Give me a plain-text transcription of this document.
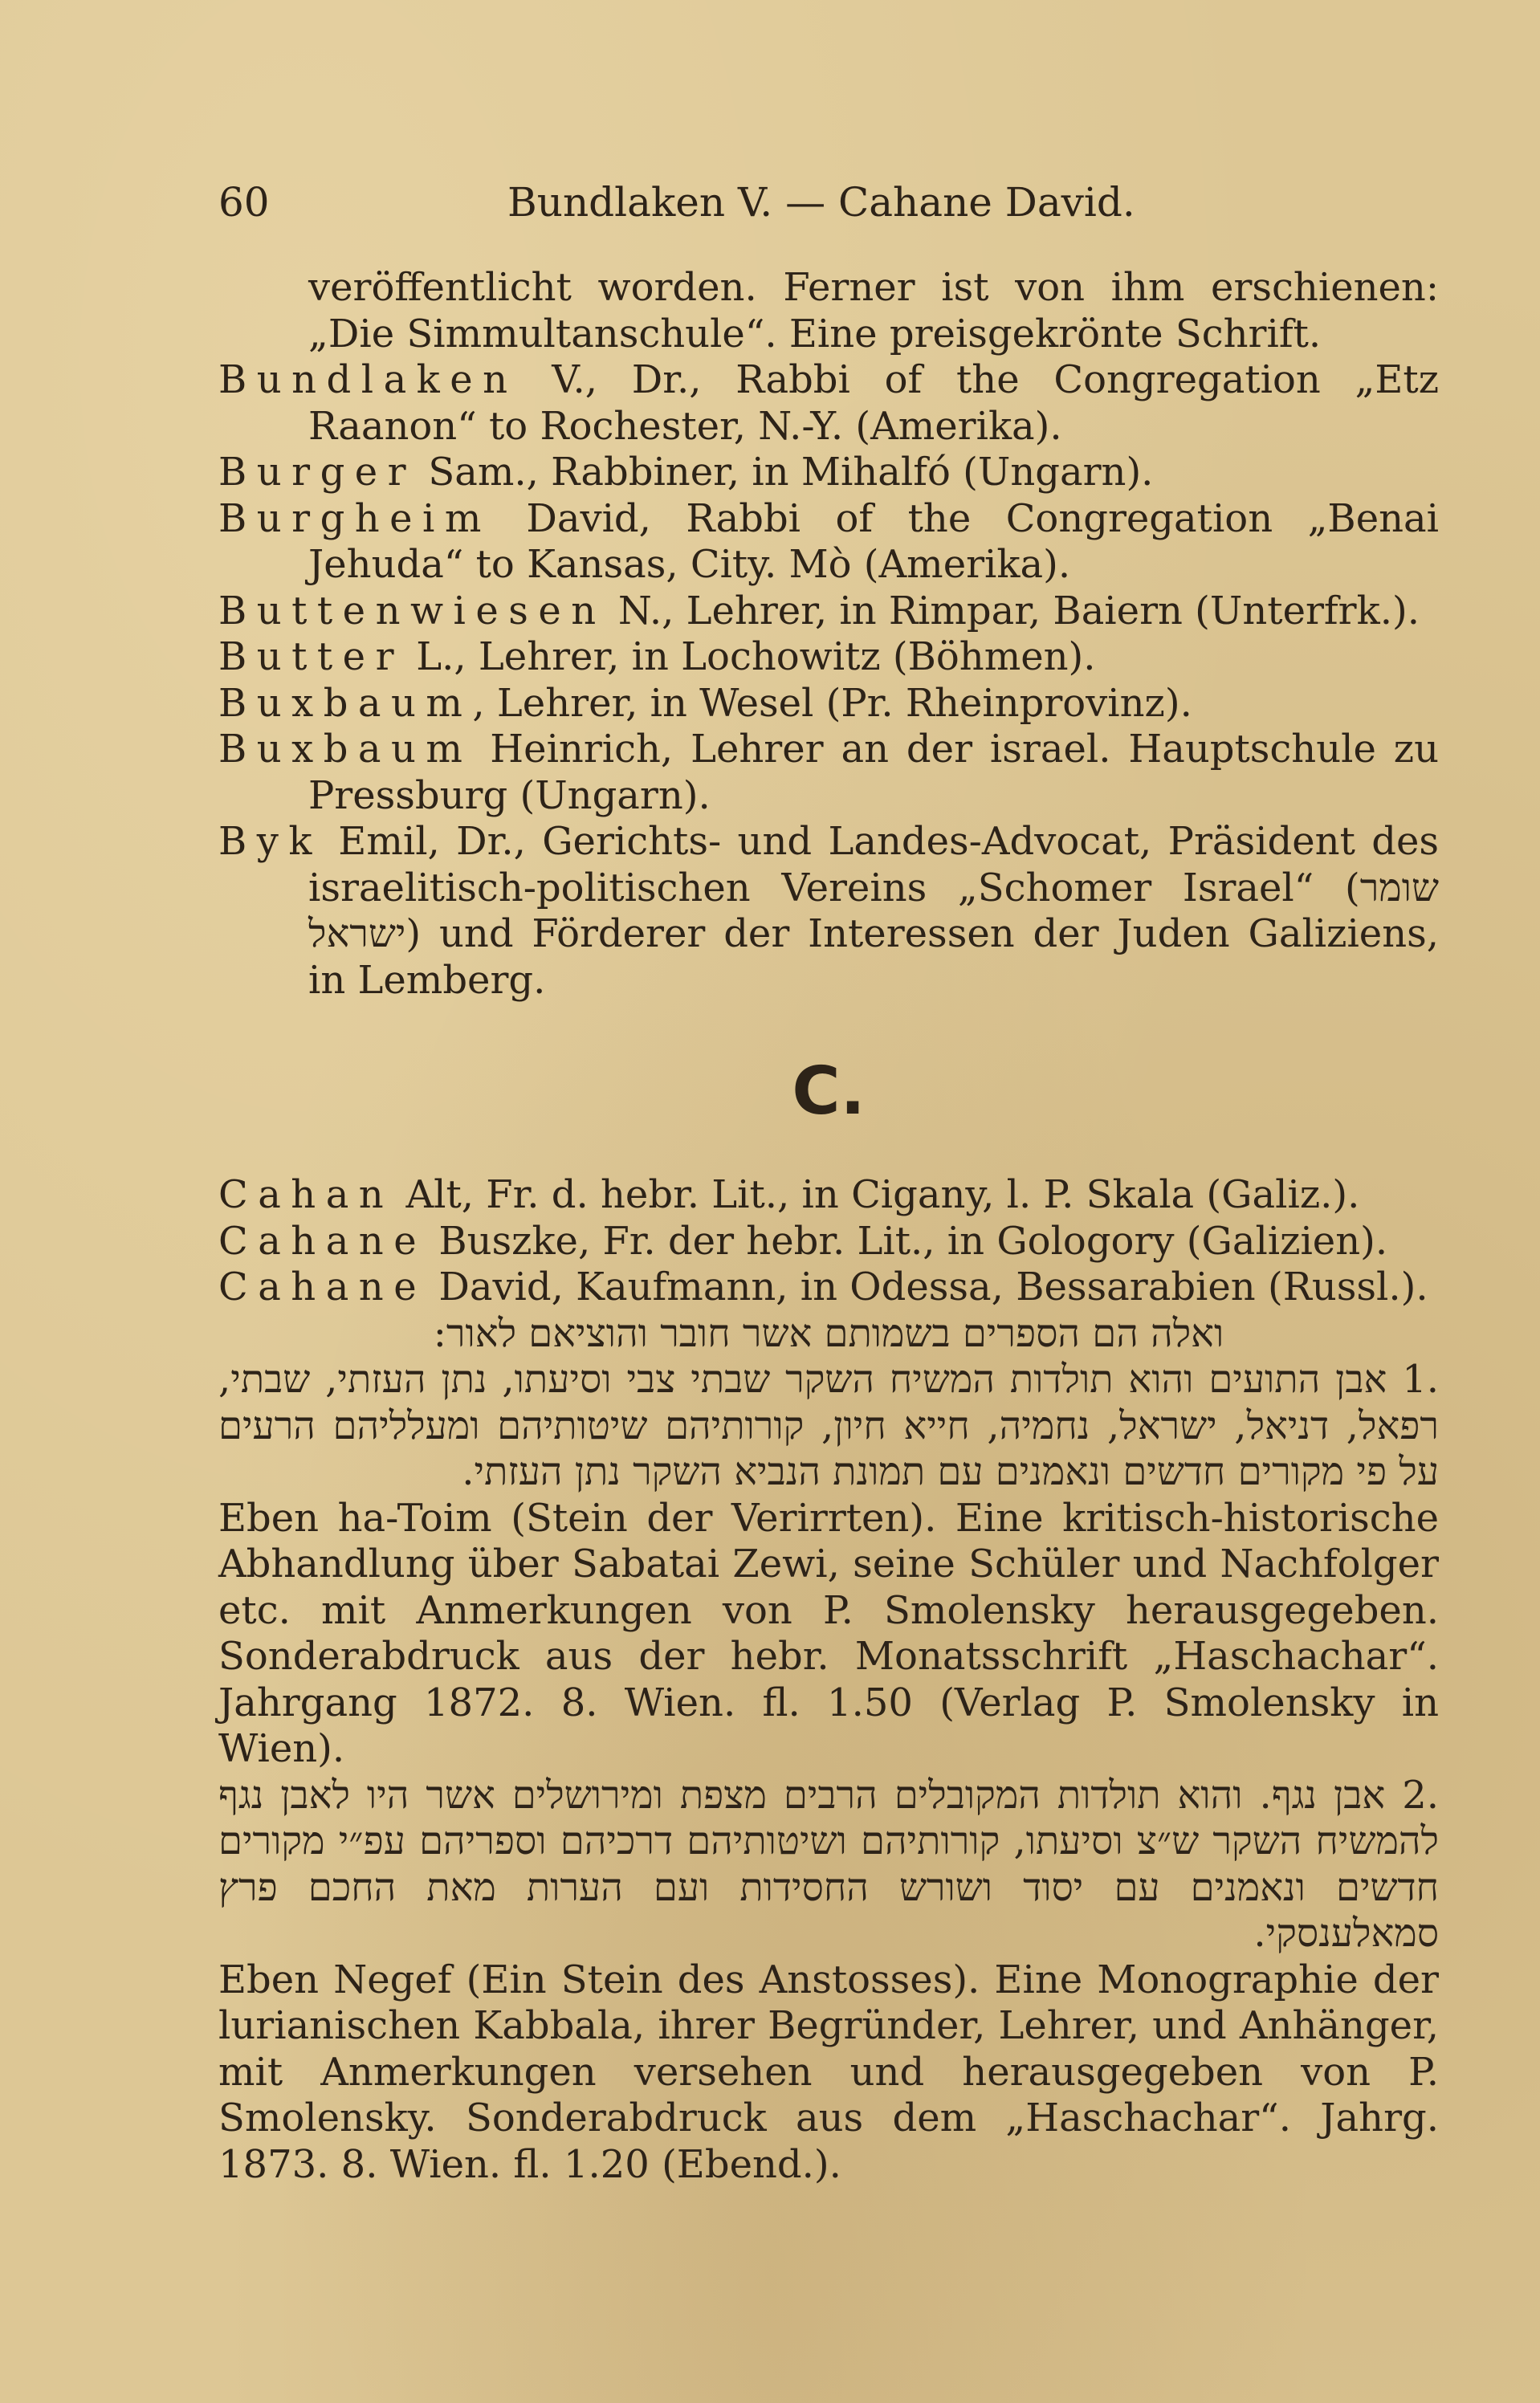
60	Bundlaken V. — Cahane David.

veröffentlicht worden. Ferner ist von ihm erschienen: „Die Simmultanschule“. Eine preisgekrönte Schrift.

Bundlaken V., Dr., Rabbi of the Congregation „Etz Raanon“ to Rochester, N.-Y. (Amerika).

Burger Sam., Rabbiner, in Mihalfó (Ungarn).

Burgheim David, Rabbi of the Congregation „Benai Jehuda“ to Kansas, City. Mò (Amerika).

Buttenwiesen N., Lehrer, in Rimpar, Baiern (Unterfrk.).

Butter L., Lehrer, in Lochowitz (Böhmen).

Buxbaum, Lehrer, in Wesel (Pr. Rheinprovinz).

Buxbaum Heinrich, Lehrer an der israel. Hauptschule zu Pressburg (Ungarn).

Byk Emil, Dr., Gerichts- und Landes-Advocat, Präsident des israelitisch-politischen Vereins „Schomer Israel“ (שומר ישראל) und Förderer der Interessen der Juden Galiziens, in Lemberg.

C.

Cahan Alt, Fr. d. hebr. Lit., in Cigany, l. P. Skala (Galiz.).

Cahane Buszke, Fr. der hebr. Lit., in Gologory (Galizien).

Cahane David, Kaufmann, in Odessa, Bessarabien (Russl.).

ואלה הם הספרים בשמותם אשר חובר והוציאם לאור:

1. אבן התועים והוא תולדות המשיח השקר שבתי צבי וסיעתו, נתן העזתי, שבתי, רפאל, דניאל, ישראל, נחמיה, חייא חיון, קורותיהם שיטותיהם ומעלליהם הרעים על פי מקורים חדשים ונאמנים עם תמונת הנביא השקר נתן העזתי.

Eben ha-Toim (Stein der Verirrten). Eine kritisch-historische Abhandlung über Sabatai Zewi, seine Schüler und Nachfolger etc. mit Anmerkungen von P. Smolensky herausgegeben. Sonderabdruck aus der hebr. Monatsschrift „Haschachar“. Jahrgang 1872. 8. Wien. fl. 1.50 (Verlag P. Smolensky in Wien).

2. אבן נגף. והוא תולדות המקובלים הרבים מצפת ומירושלים אשר היו לאבן נגף להמשיח השקר ש״צ וסיעתו, קורותיהם ושיטותיהם דרכיהם וספריהם עפ״י מקורים חדשים ונאמנים עם יסוד ושורש החסידות ועם הערות מאת החכם פרץ סמאלענסקי.

Eben Negef (Ein Stein des Anstosses). Eine Monographie der lurianischen Kabbala, ihrer Begründer, Lehrer, und Anhänger, mit Anmerkungen versehen und herausgegeben von P. Smolensky. Sonderabdruck aus dem „Haschachar“. Jahrg. 1873. 8. Wien. fl. 1.20 (Ebend.).
